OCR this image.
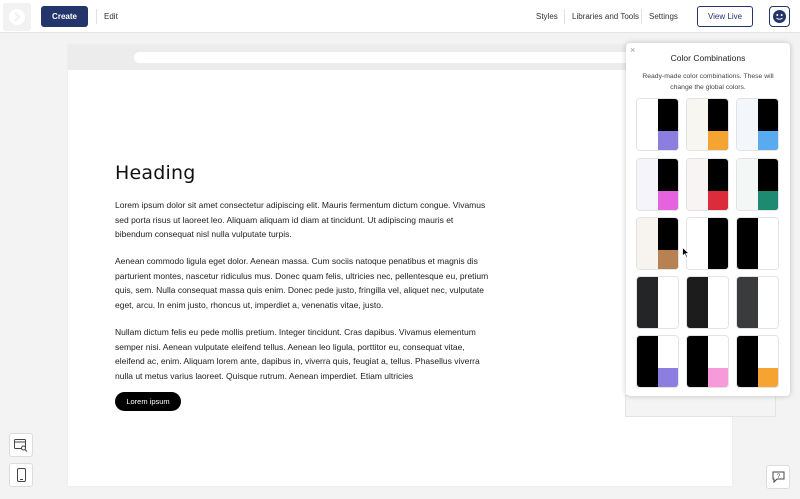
Create	Edit	Styles Libraries and Tools Settings	View Live
Heading
Lorem ipsum dolor sit amet consectetur adipiscing elit. Mauris fermentum dictum congue. Vivamus
sed porta risus ut laoreet leo. Aliquam aliquam id diam at tincidunt. Ut adipiscing mauris et
bibendum consequat nisl nulla vulputate turpis.
Aenean commodo ligula eget dolor. Aenean massa. Cum sociis natoque penatibus et magnis dis
parturient montes, nascetur ridiculus mus. Donec quam felis, ultricies nec, pellentesque eu, pretium
quis, sem. Nulla consequat massa quis enim. Donec pede justo, fringilla vel, aliquet nec, vulputate
eget, arcu. In enim justo, rhoncus ut, imperdiet a, venenatis vitae, justo.
Nullam dictum felis eu pede mollis pretium. Integer tincidunt. Cras dapibus. Vivamus elementum
semper nisi. Aenean vulputate eleifend tellus. Aenean leo ligula, porttitor eu, consequat vitae,
eleifend ac, enim. Aliquam lorem ante, dapibus in, viverra quis, feugiat a, tellus. Phasellus viverra
nulla ut metus varius laoreet. Quisque rutrum. Aenean imperdiet. Etiam ultricies
Lorem ipsum
?
×
Color Combinations
Ready-made color combinations. These will change the global colors.
